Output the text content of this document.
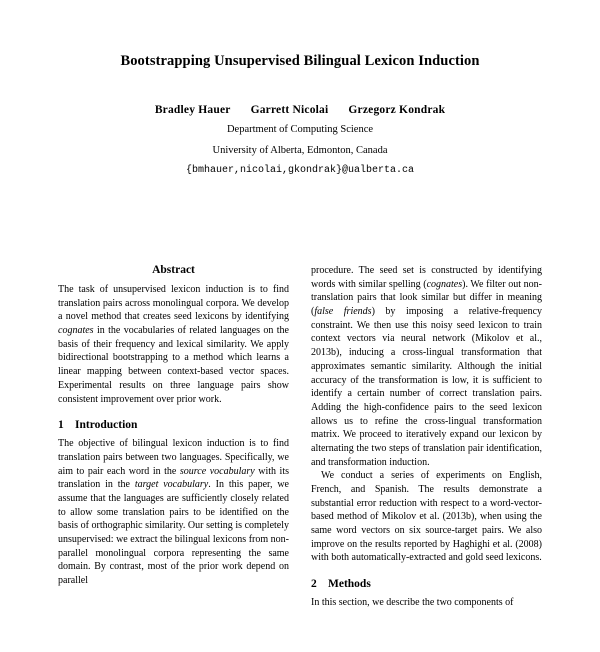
Bootstrapping Unsupervised Bilingual Lexicon Induction
Bradley Hauer Garrett Nicolai Grzegorz Kondrak
Department of Computing Science
University of Alberta, Edmonton, Canada
{bmhauer,nicolai,gkondrak}@ualberta.ca
Abstract

The task of unsupervised lexicon induction is to find translation pairs across monolingual corpora. We develop a novel method that creates seed lexicons by identifying cognates in the vocabularies of related languages on the basis of their frequency and lexical similarity. We apply bidirectional bootstrapping to a method which learns a linear mapping between context-based vector spaces. Experimental results on three language pairs show consistent improvement over prior work.

1 Introduction

The objective of bilingual lexicon induction is to find translation pairs between two languages. Specifically, we aim to pair each word in the source vocabulary with its translation in the target vocabulary. In this paper, we assume that the languages are sufficiently closely related to allow some translation pairs to be identified on the basis of orthographic similarity. Our setting is completely unsupervised: we extract the bilingual lexicons from non-parallel monolingual corpora representing the same domain. By contrast, most of the prior work depend on parallel

procedure. The seed set is constructed by identifying words with similar spelling (cognates). We filter out non-translation pairs that look similar but differ in meaning (false friends) by imposing a relative-frequency constraint. We then use this noisy seed lexicon to train context vectors via neural network (Mikolov et al., 2013b), inducing a cross-lingual transformation that approximates semantic similarity. Although the initial accuracy of the transformation is low, it is sufficient to identify a certain number of correct translation pairs. Adding the high-confidence pairs to the seed lexicon allows us to refine the cross-lingual transformation matrix. We proceed to iteratively expand our lexicon by alternating the two steps of translation pair identification, and transformation induction.

We conduct a series of experiments on English, French, and Spanish. The results demonstrate a substantial error reduction with respect to a word-vector-based method of Mikolov et al. (2013b), when using the same word vectors on six source-target pairs. We also improve on the results reported by Haghighi et al. (2008) with both automatically-extracted and gold seed lexicons.

2 Methods

In this section, we describe the two components of
